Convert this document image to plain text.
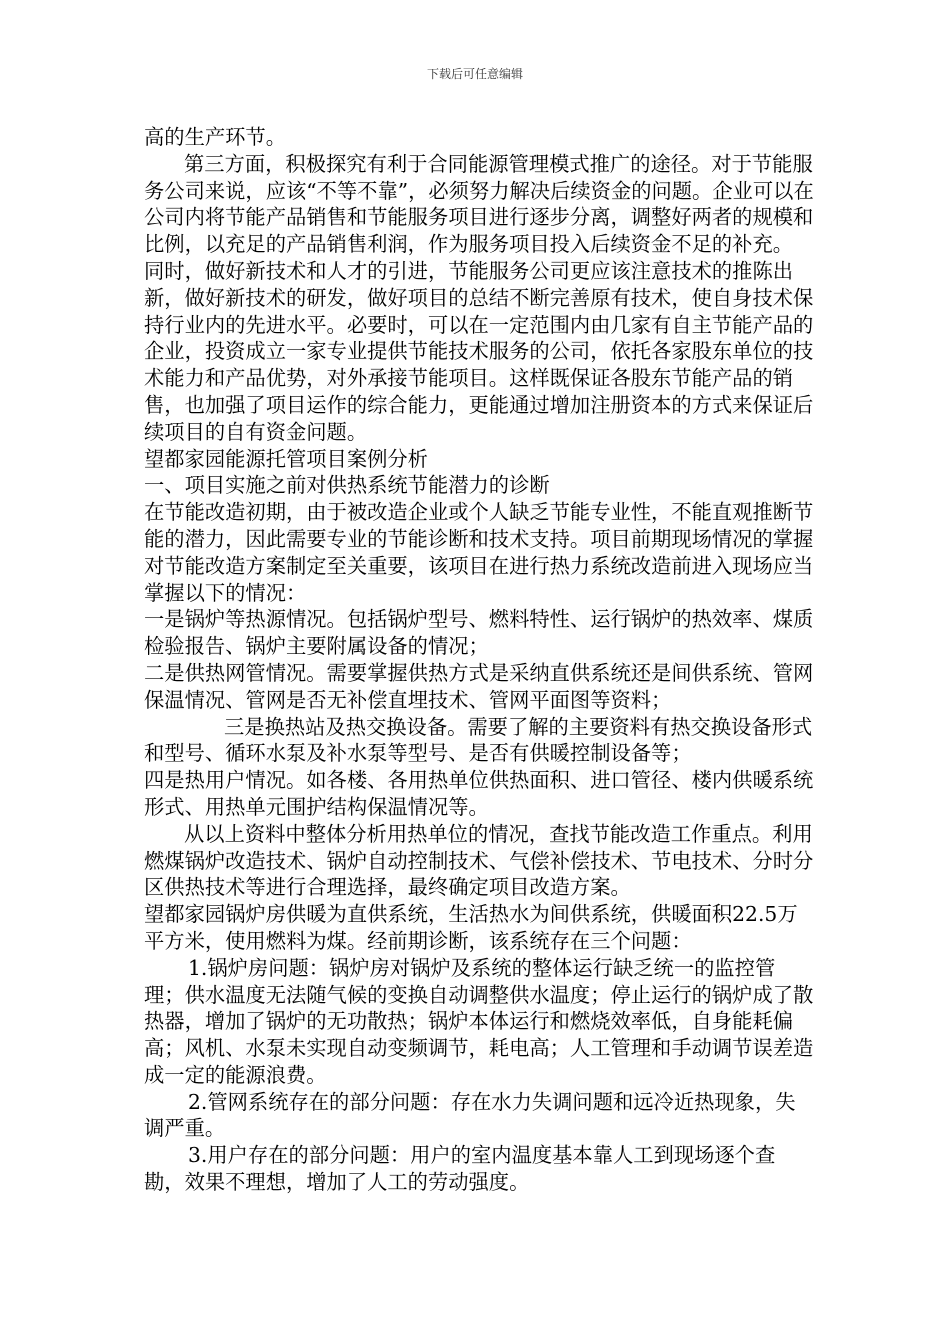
下载后可任意编辑

高的生产环节。

第三方面，积极探究有利于合同能源管理模式推广的途径。对于节能服务公司来说，应该“不等不靠”，必须努力解决后续资金的问题。企业可以在公司内将节能产品销售和节能服务项目进行逐步分离，调整好两者的规模和比例，以充足的产品销售利润，作为服务项目投入后续资金不足的补充。

同时，做好新技术和人才的引进，节能服务公司更应该注意技术的推陈出新，做好新技术的研发，做好项目的总结不断完善原有技术，使自身技术保持行业内的先进水平。必要时，可以在一定范围内由几家有自主节能产品的企业，投资成立一家专业提供节能技术服务的公司，依托各家股东单位的技术能力和产品优势，对外承接节能项目。这样既保证各股东节能产品的销售，也加强了项目运作的综合能力，更能通过增加注册资本的方式来保证后续项目的自有资金问题。

望都家园能源托管项目案例分析

一、项目实施之前对供热系统节能潜力的诊断

在节能改造初期，由于被改造企业或个人缺乏节能专业性，不能直观推断节能的潜力，因此需要专业的节能诊断和技术支持。项目前期现场情况的掌握对节能改造方案制定至关重要，该项目在进行热力系统改造前进入现场应当掌握以下的情况：

一是锅炉等热源情况。包括锅炉型号、燃料特性、运行锅炉的热效率、煤质检验报告、锅炉主要附属设备的情况；

二是供热网管情况。需要掌握供热方式是采纳直供系统还是间供系统、管网保温情况、管网是否无补偿直埋技术、管网平面图等资料；

三是换热站及热交换设备。需要了解的主要资料有热交换设备形式和型号、循环水泵及补水泵等型号、是否有供暖控制设备等；

四是热用户情况。如各楼、各用热单位供热面积、进口管径、楼内供暖系统形式、用热单元围护结构保温情况等。

从以上资料中整体分析用热单位的情况，查找节能改造工作重点。利用燃煤锅炉改造技术、锅炉自动控制技术、气偿补偿技术、节电技术、分时分区供热技术等进行合理选择，最终确定项目改造方案。

望都家园锅炉房供暖为直供系统，生活热水为间供系统，供暖面积22.5万平方米，使用燃料为煤。经前期诊断，该系统存在三个问题：

1.锅炉房问题：锅炉房对锅炉及系统的整体运行缺乏统一的监控管理；供水温度无法随气候的变换自动调整供水温度；停止运行的锅炉成了散热器，增加了锅炉的无功散热；锅炉本体运行和燃烧效率低，自身能耗偏高；风机、水泵未实现自动变频调节，耗电高；人工管理和手动调节误差造成一定的能源浪费。

2.管网系统存在的部分问题：存在水力失调问题和远冷近热现象，失调严重。

3.用户存在的部分问题：用户的室内温度基本靠人工到现场逐个查勘，效果不理想，增加了人工的劳动强度。
